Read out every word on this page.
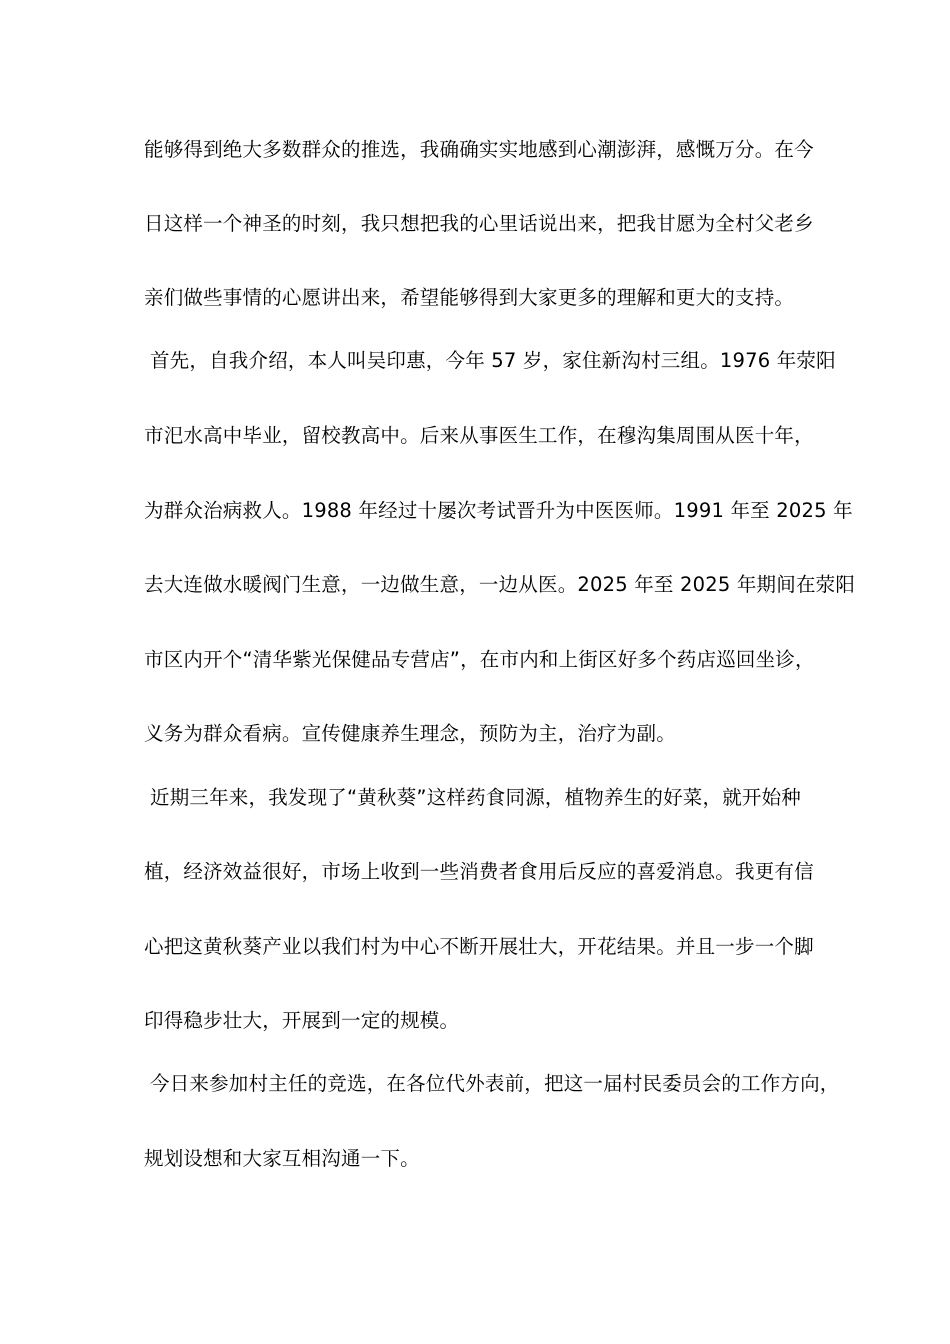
能够得到绝大多数群众的推选，我确确实实地感到心潮澎湃，感慨万分。在今
日这样一个神圣的时刻，我只想把我的心里话说出来，把我甘愿为全村父老乡
亲们做些事情的心愿讲出来，希望能够得到大家更多的理解和更大的支持。
首先，自我介绍，本人叫吴印惠，今年 57 岁，家住新沟村三组。1976 年荥阳
市汜水高中毕业，留校教高中。后来从事医生工作，在穆沟集周围从医十年，
为群众治病救人。1988 年经过十屡次考试晋升为中医医师。1991 年至 2025 年
去大连做水暖阀门生意，一边做生意，一边从医。2025 年至 2025 年期间在荥阳
市区内开个“清华紫光保健品专营店”，在市内和上街区好多个药店巡回坐诊，
义务为群众看病。宣传健康养生理念，预防为主，治疗为副。
近期三年来，我发现了“黄秋葵”这样药食同源，植物养生的好菜，就开始种
植，经济效益很好，市场上收到一些消费者食用后反应的喜爱消息。我更有信
心把这黄秋葵产业以我们村为中心不断开展壮大，开花结果。并且一步一个脚
印得稳步壮大，开展到一定的规模。
今日来参加村主任的竞选，在各位代外表前，把这一届村民委员会的工作方向，
规划设想和大家互相沟通一下。
